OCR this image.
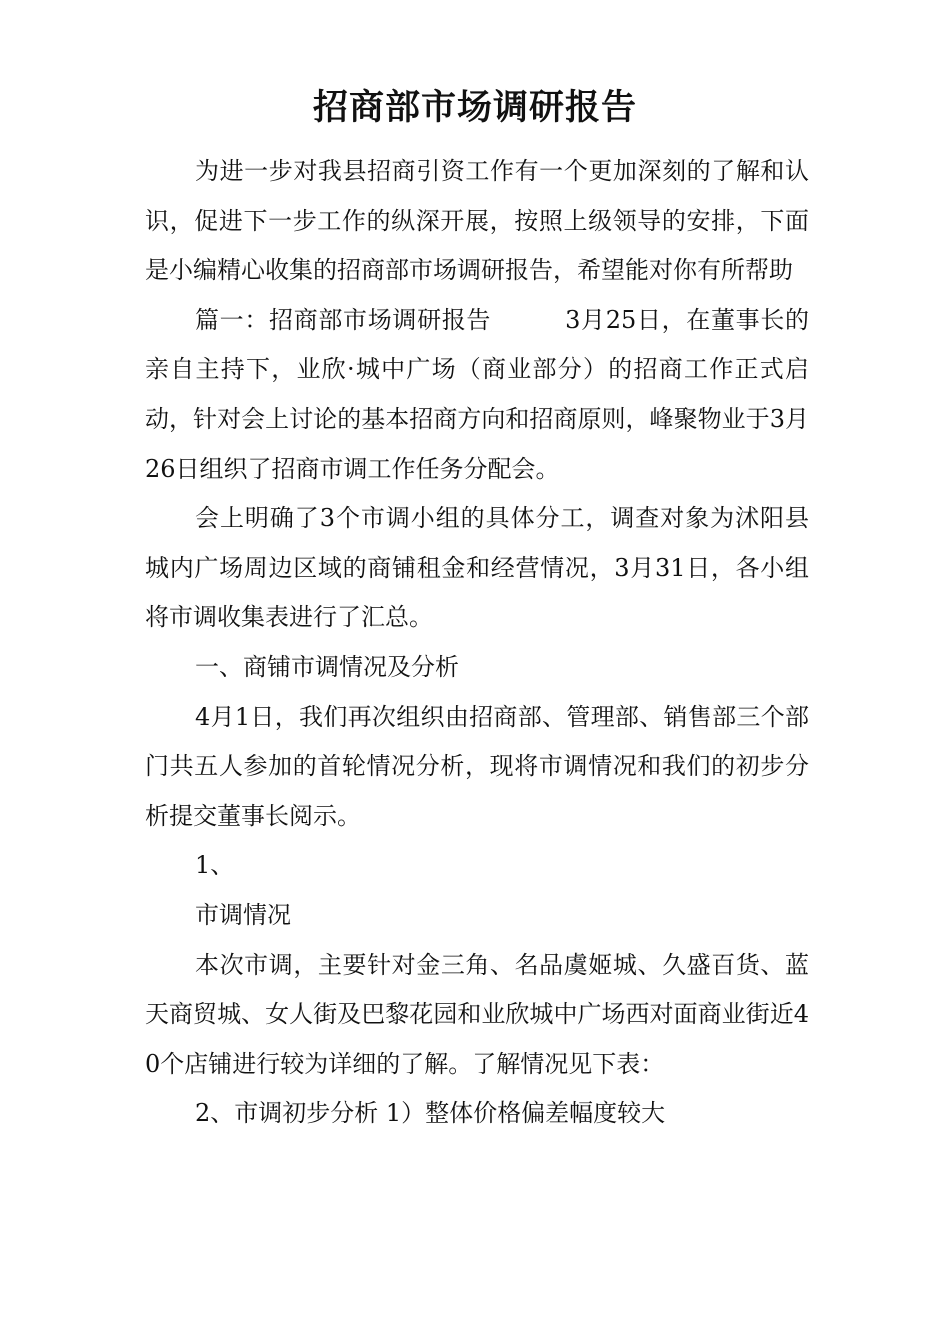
招商部市场调研报告

为进一步对我县招商引资工作有一个更加深刻的了解和认识，促进下一步工作的纵深开展，按照上级领导的安排，下面是小编精心收集的招商部市场调研报告，希望能对你有所帮助

篇一：招商部市场调研报告　　　3月25日，在董事长的亲自主持下，业欣·城中广场（商业部分）的招商工作正式启动，针对会上讨论的基本招商方向和招商原则，峰聚物业于3月26日组织了招商市调工作任务分配会。

会上明确了3个市调小组的具体分工，调查对象为沭阳县城内广场周边区域的商铺租金和经营情况，3月31日，各小组将市调收集表进行了汇总。

一、商铺市调情况及分析

4月1日，我们再次组织由招商部、管理部、销售部三个部门共五人参加的首轮情况分析，现将市调情况和我们的初步分析提交董事长阅示。

1、

市调情况

本次市调，主要针对金三角、名品虞姬城、久盛百货、蓝天商贸城、女人街及巴黎花园和业欣城中广场西对面商业街近40个店铺进行较为详细的了解。了解情况见下表：

2、市调初步分析 1）整体价格偏差幅度较大
